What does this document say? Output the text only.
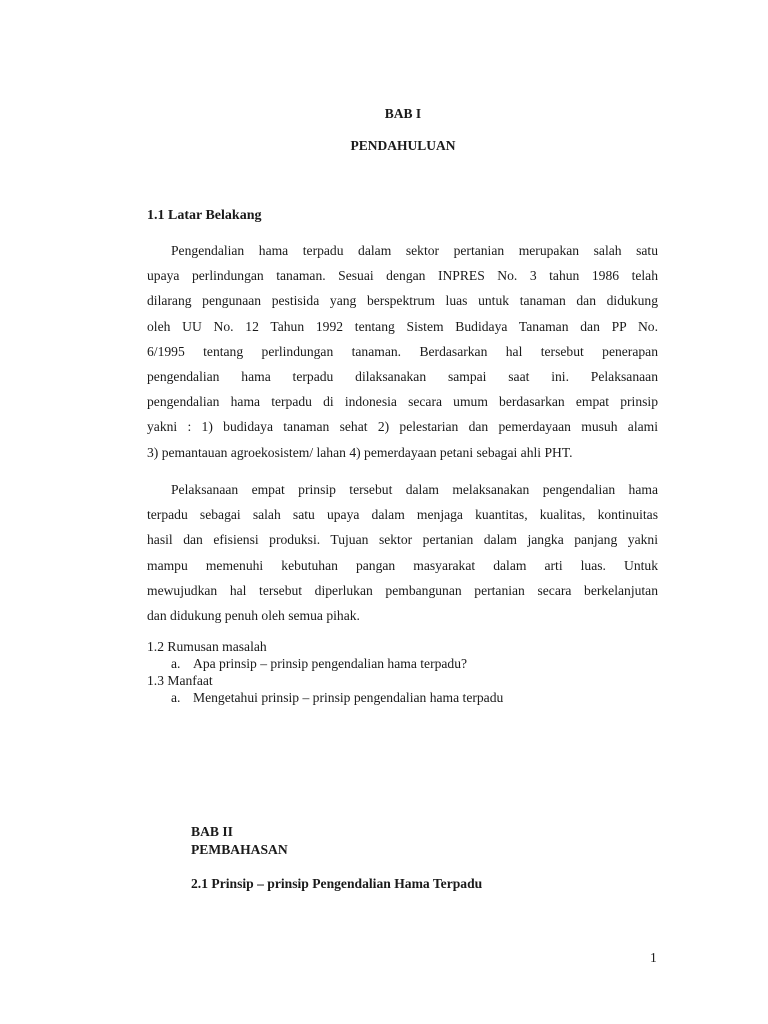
BAB I
PENDAHULUAN
1.1 Latar Belakang
Pengendalian hama terpadu dalam sektor pertanian merupakan salah satu
upaya perlindungan tanaman. Sesuai dengan INPRES No. 3 tahun 1986 telah
dilarang pengunaan pestisida yang berspektrum luas untuk tanaman dan didukung
oleh UU No. 12 Tahun 1992 tentang Sistem Budidaya Tanaman dan PP No.
6/1995 tentang perlindungan tanaman. Berdasarkan hal tersebut penerapan
pengendalian hama terpadu dilaksanakan sampai saat ini. Pelaksanaan
pengendalian hama terpadu di indonesia secara umum berdasarkan empat prinsip
yakni : 1) budidaya tanaman sehat 2) pelestarian dan pemerdayaan musuh alami
3) pemantauan agroekosistem/ lahan 4) pemerdayaan petani sebagai ahli PHT.
Pelaksanaan empat prinsip tersebut dalam melaksanakan pengendalian hama
terpadu sebagai salah satu upaya dalam menjaga kuantitas, kualitas, kontinuitas
hasil dan efisiensi produksi. Tujuan sektor pertanian dalam jangka panjang yakni
mampu memenuhi kebutuhan pangan masyarakat dalam arti luas. Untuk
mewujudkan hal tersebut diperlukan pembangunan pertanian secara berkelanjutan
dan didukung penuh oleh semua pihak.
1.2 Rumusan masalah
a. Apa prinsip – prinsip pengendalian hama terpadu?
1.3 Manfaat
a. Mengetahui prinsip – prinsip pengendalian hama terpadu
BAB II
PEMBAHASAN
2.1 Prinsip – prinsip Pengendalian Hama Terpadu
1
